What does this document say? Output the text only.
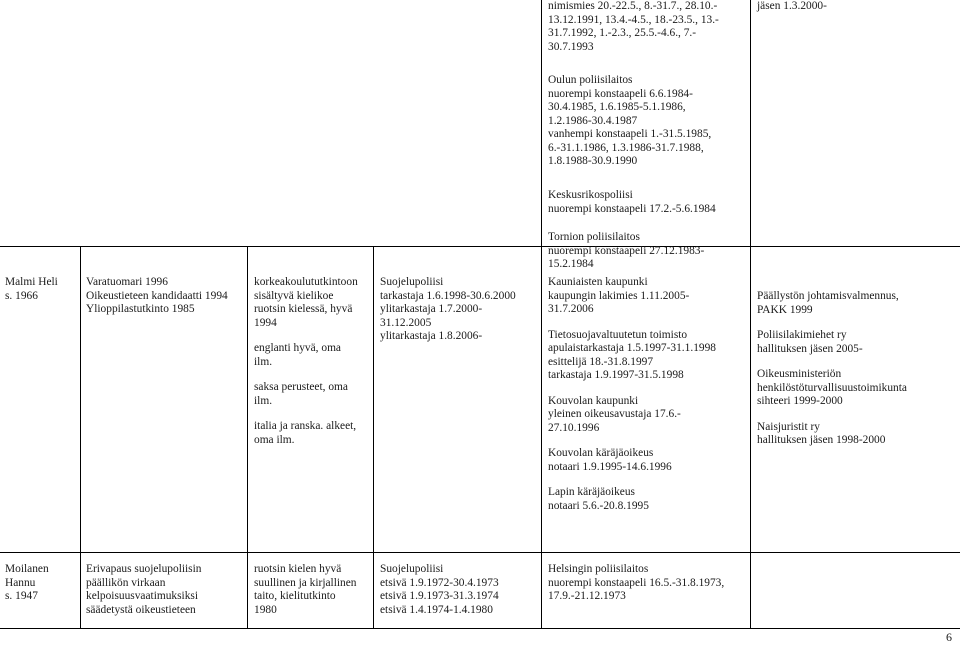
nimismies 20.-22.5., 8.-31.7., 28.10.-
13.12.1991, 13.4.-4.5., 18.-23.5., 13.-
31.7.1992, 1.-2.3., 25.5.-4.6., 7.-
30.7.1993
jäsen 1.3.2000-
Oulun poliisilaitos
nuorempi konstaapeli 6.6.1984-
30.4.1985, 1.6.1985-5.1.1986,
1.2.1986-30.4.1987
vanhempi konstaapeli 1.-31.5.1985,
6.-31.1.1986, 1.3.1986-31.7.1988,
1.8.1988-30.9.1990
Keskusrikospoliisi
nuorempi konstaapeli 17.2.-5.6.1984
Tornion poliisilaitos
nuorempi konstaapeli 27.12.1983-
15.2.1984
Malmi Heli
s. 1966
Varatuomari 1996
Oikeustieteen kandidaatti 1994
Ylioppilastutkinto 1985
korkeakoulututkintoon
sisältyvä kielikoe
ruotsin kielessä, hyvä
1994
englanti hyvä, oma
ilm.
saksa perusteet, oma
ilm.
italia ja ranska. alkeet,
oma ilm.
Suojelupoliisi
tarkastaja 1.6.1998-30.6.2000
ylitarkastaja 1.7.2000-
31.12.2005
ylitarkastaja 1.8.2006-
Kauniaisten kaupunki
kaupungin lakimies 1.11.2005-
31.7.2006
Tietosuojavaltuutetun toimisto
apulaistarkastaja 1.5.1997-31.1.1998
esittelijä 18.-31.8.1997
tarkastaja 1.9.1997-31.5.1998
Kouvolan kaupunki
yleinen oikeusavustaja 17.6.-
27.10.1996
Kouvolan käräjäoikeus
notaari 1.9.1995-14.6.1996
Lapin käräjäoikeus
notaari 5.6.-20.8.1995
Päällystön johtamisvalmennus,
PAKK 1999
Poliisilakimiehet ry
hallituksen jäsen 2005-
Oikeusministeriön
henkilöstöturvallisuustoimikunta
sihteeri 1999-2000
Naisjuristit ry
hallituksen jäsen 1998-2000
Moilanen
Hannu
s. 1947
Erivapaus suojelupoliisin
päällikön virkaan
kelpoisuusvaatimuksiksi
säädetystä oikeustieteen
ruotsin kielen hyvä
suullinen ja kirjallinen
taito, kielitutkinto
1980
Suojelupoliisi
etsivä 1.9.1972-30.4.1973
etsivä 1.9.1973-31.3.1974
etsivä 1.4.1974-1.4.1980
Helsingin poliisilaitos
nuorempi konstaapeli 16.5.-31.8.1973,
17.9.-21.12.1973
6
